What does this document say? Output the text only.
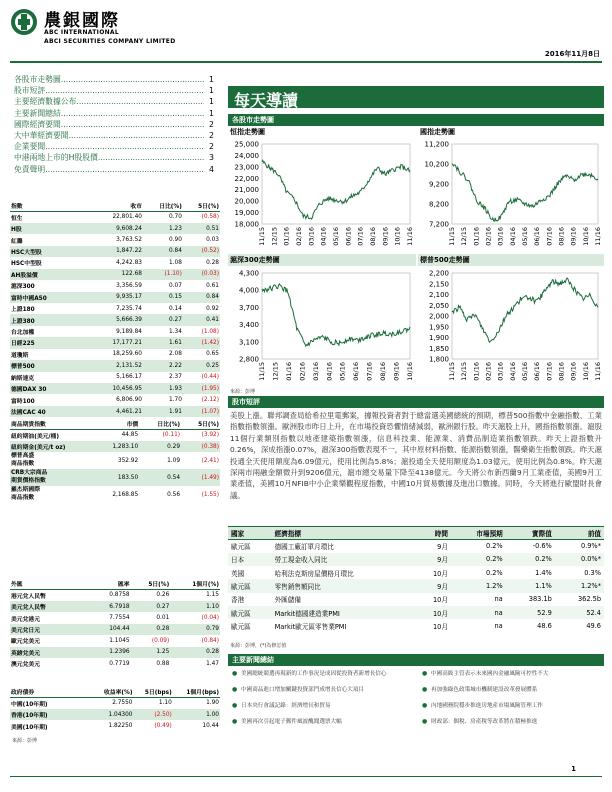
農銀國際
ABC INTERNATIONAL
ABCI SECURITIES COMPANY LIMITED
2016年11月8日
各股市走勢圖 .....	1
股市短評 .....	1
主要經濟數據公布 .....	1
主要新聞總結 .....	1
國際經濟要聞 .....	2
大中華經濟要聞 .....	2
企業要聞 .....	2
中港兩地上市的H股股價 .....	3
免責聲明 .....	4
指數	收市	日比(%)	5日(%)
恒生	22,801.40	0.70	(0.58)
H股	9,608.24	1.23	0.51
紅籌	3,763.52	0.90	0.03
HSC大型股	1,847.22	0.84	(0.52)
HSC中型股	4,242.83	1.08	0.28
AH股溢價	122.68	(1.10)	(0.03)
滬深300	3,356.59	0.07	0.61
富時中國A50	9,935.17	0.15	0.84
上證180	7,235.74	0.14	0.92
上證380	5,666.39	0.27	0.41
台北加權	9,189.84	1.34	(1.08)
日經225	17,177.21	1.61	(1.42)
道瓊斯	18,259.60	2.08	0.65
標普500	2,131.52	2.22	0.25
納斯達克	5,166.17	2.37	(0.44)
德國DAX 30	10,456.95	1.93	(1.95)
富時100	6,806.90	1.70	(2.12)
法國CAC 40	4,461.21	1.91	(1.07)
商品期貨指數	市價	日比(%)	5日(%)
紐約期油(美元/桶)	44.85	(0.11)	(3.92)
紐約期金(美元/t oz)	1,283.10	0.29	(0.38)
標普高盛
商品指數	352.92	1.09	(2.41)
CRB大宗商品
期貨價格指數	183.50	0.54	(1.49)
羅杰斯國際
商品指數	2,168.85	0.56	(1.55)
外匯	匯率	5日(%)	1個月(%)
港元兌人民幣	0.8758	0.26	1.15
美元兌人民幣	6.7918	0.27	1.10
美元兌港元	7.7554	0.01	(0.04)
美元兌日元	104.44	0.28	0.79
歐元兌美元	1.1045	(0.09)	(0.84)
英鎊兌美元	1.2396	1.25	0.28
澳元兌美元	0.7719	0.88	1.47
政府債券	收益率(%)	5日(bps)	1個月(bps)
中國(10年期)	2.7550	1.10	1.90
香港(10年期)	1.04300	(2.50)	1.00
美國(10年期)	1.82250	(0.49)	10.44
來源：彭博
每天導讀
各股市走勢圖
恒指走勢圖	國指走勢圖
滬深300走勢圖	標普500走勢圖
25,000
24,000
23,000
22,000
21,000
20,000
19,000
18,000
11/15 12/15 01/16 02/16 03/16 04/16 05/16 06/16 07/16 08/16 09/16 10/16 11/16
11,200
10,200
9,200
8,200
7,200
11/15 12/15 01/16 02/16 03/16 04/16 05/16 06/16 07/16 08/16 09/16 10/16 11/16
4,300
4,000
3,700
3,400
3,100
2,800
11/15 12/15 01/16 02/16 03/16 04/16 05/16 06/16 07/16 08/16 09/16 10/16
2,200
2,150
2,100
2,050
2,000
1,950
1,900
1,850
1,800
11/15 12/15 01/16 02/16 03/16 04/16 05/16 06/16 07/16 08/16 09/16 10/16 11/16
來源：彭博
股市短評
美股上漲。聯邦調查局給希拉里電郵案，據報投資者對于總當選美國總統的預期，標普500指數中金融指數、工業指數指數領漲。歐洲股市昨日上升，在市場投資恐懼情緒減弱，歐洲銀行股。昨天滬股上升，國指指數領漲。滬股11個行業類別指數以地產建築指數領漲，信息科技業、能源業、消費品制造業指數領跌。昨天上證指數升0.26%，深成指漲0.07%，滬深300指數表現不一，其中原材料指數、能源指數領漲，醫藥衛生指數領跌。昨天滬投通全天使用額度為6.09億元，使用比例為5.8%；滬投通全天使用額度為1.03億元，使用比例為0.8%。昨天滬深兩市兩融金額微升到9206億元，滬市總交易量下降至4138億元。今天將公布新西蘭9月工業產值，美國9月工業產值，美國10月NFIB中小企業樂觀程度指數，中國10月貿易數據及進出口數據。同時，今天將進行歐盟財長會議。
國家	經濟指標	時間	市場預期	實際值	前值
歐元區	德國工廠訂單月環比	9月	0.2%	-0.6%	0.9%*
日本	勞工現金收入同比	9月	0.2%	0.2%	0.0%*
英國	哈利法克斯房屋價格月環比	10月	0.2%	1.4%	0.3%
歐元區	零售銷售額同比	9月	1.2%	1.1%	1.2%*
香港	外匯儲備	10月	na	383.1b	362.5b
歐元區	Markit德國建造業PMI	10月	na	52.9	52.4
歐元區	Markit歐元區零售業PMI	10月	na	48.6	49.6
來源：彭博，(*)為修訂值
主要新聞總結
● 美國總統競選再現新的工作事況是成因從投資者新增長信心
● 中國商品進口增加關鍵投資部門成增長信心大項目
● 日本央行會議記錄：經濟增長和貿易
● 美國再次引起電子郵件風波醜聞選票大幅
● 中國高級主管表示未來國內金融風險可控性不大
● 再加強綠色政策城市機制建設改革發展體系
● 內地國務院穩步推進房地產市場風險管理工作
● 財政部：個稅、房產稅等改革將在積極推進
1
